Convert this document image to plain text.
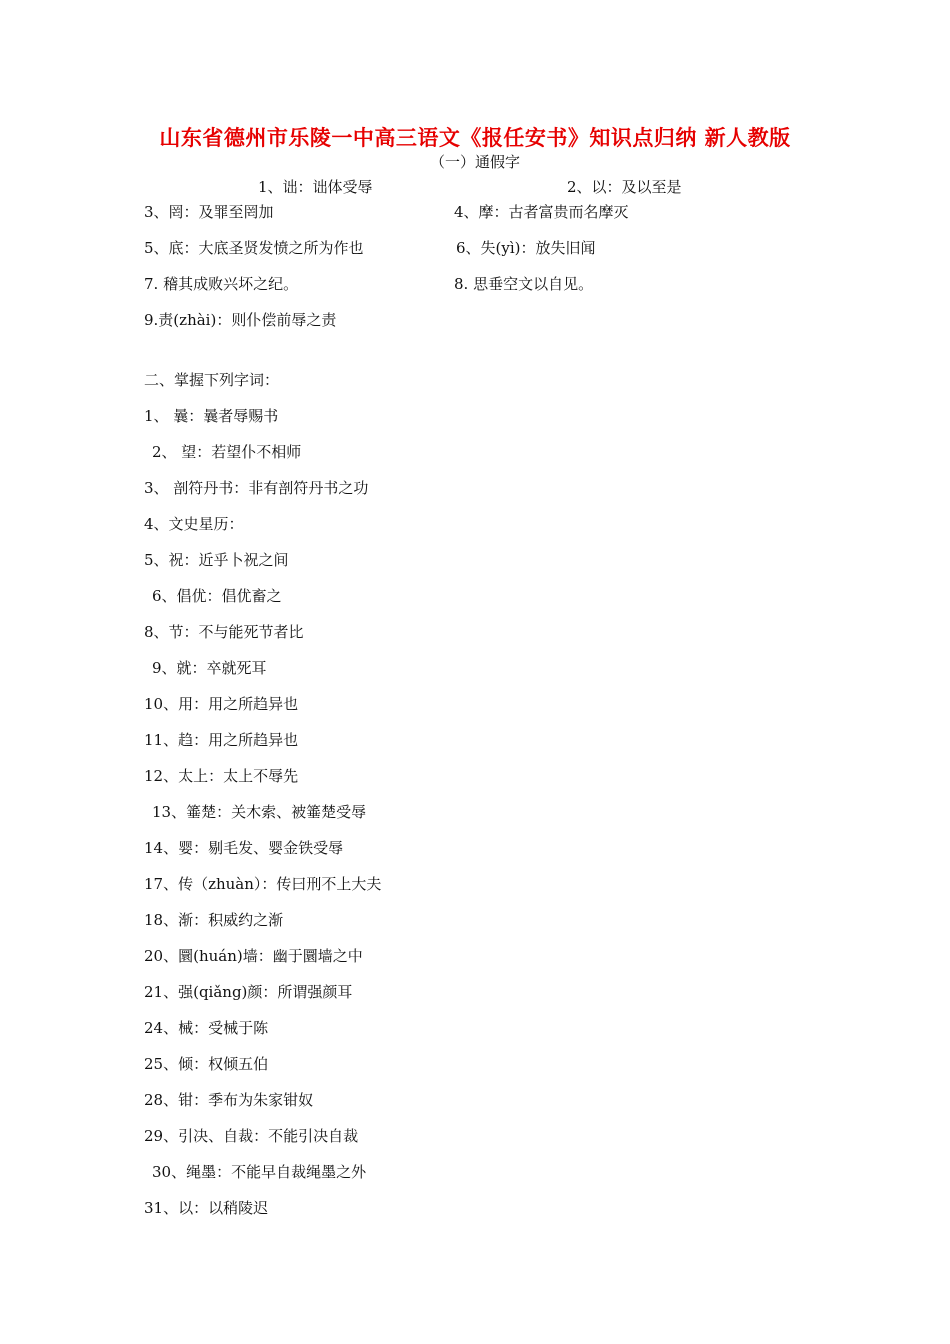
山东省德州市乐陵一中高三语文《报任安书》知识点归纳 新人教版
（一）通假字
1、诎：诎体受辱	2、以：及以至是
3、罔：及罪至罔加	4、摩：古者富贵而名摩灭
5、底：大底圣贤发愤之所为作也	6、失(yì)：放失旧闻
7. 稽其成败兴坏之纪。	8. 思垂空文以自见。
9.责(zhài)：则仆偿前辱之责
二、掌握下列字词：
1、 曩：曩者辱赐书
2、 望：若望仆不相师
3、 剖符丹书：非有剖符丹书之功
4、文史星历：
5、祝：近乎卜祝之间
6、倡优：倡优畜之
8、节：不与能死节者比
9、就：卒就死耳
10、用：用之所趋异也
11、趋：用之所趋异也
12、太上：太上不辱先
13、箠楚：关木索、被箠楚受辱
14、婴：剔毛发、婴金铁受辱
17、传（zhuàn）：传曰刑不上大夫
18、渐：积威约之渐
20、圜(huán)墙：幽于圜墙之中
21、强(qiǎng)颜：所谓强颜耳
24、械：受械于陈
25、倾：权倾五伯
28、钳：季布为朱家钳奴
29、引决、自裁：不能引决自裁
30、绳墨：不能早自裁绳墨之外
31、以：以稍陵迟
